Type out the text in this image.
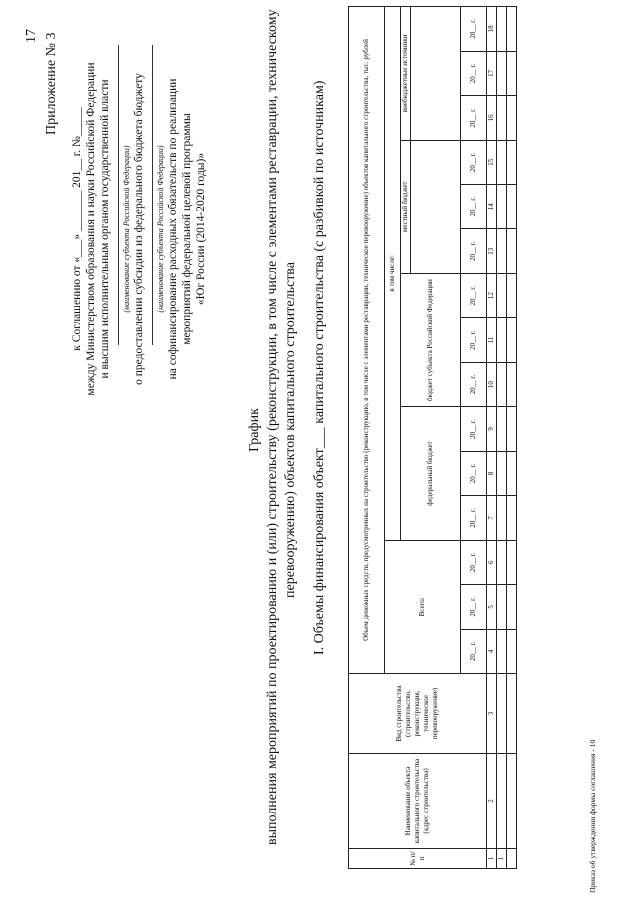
17 Приложение № 3
к Соглашению от «___» _______ 201__ г. №_____ между Министерством образования и науки Российской Федерации и высшим исполнительным органом государственной власти (наименование субъекта Российской Федерации) о предоставлении субсидии из федерального бюджета бюджету (наименование субъекта Российской Федерации) на софинансирование расходных обязательств по реализации мероприятий федеральной целевой программы «Юг России (2014-2020 годы)»
График выполнения мероприятий по проектированию и (или) строительству (реконструкции, в том числе с элементами реставрации, техническому перевооружению) объектов капитального строительства I. Объемы финансирования объект___ капитального строительства (с разбивкой по источникам)
№ п/п	Наименование объекта капитального строительства (адрес строительства)	Вид строительства (строительство, реконструкция, техническое перевооружение)	Объем денежных средств, предусмотренных на строительство (реконструкцию, в том числе с элементами реставрации, техническое перевооружение) объектов капитального строительства, тыс. рублей														
			Всего:			в том числе:											
						федеральный бюджет			бюджет субъекта Российской Федерации			местный бюджет			внебюджетные источники		

			20__ г.	20__ г.	20__ г.	20__ г.	20__ г.	20__ г.	20__ г.	20__ г.	20__ г.	20__ г.	20__ г.	20__ г.	20__ г.	20__ г.	20__ г.
1	2	3	4	5	6	7	8	9	10	11	12	13	14	15	16	17	18
1																	
																		Приказ об утверждении формы соглашения - 10
